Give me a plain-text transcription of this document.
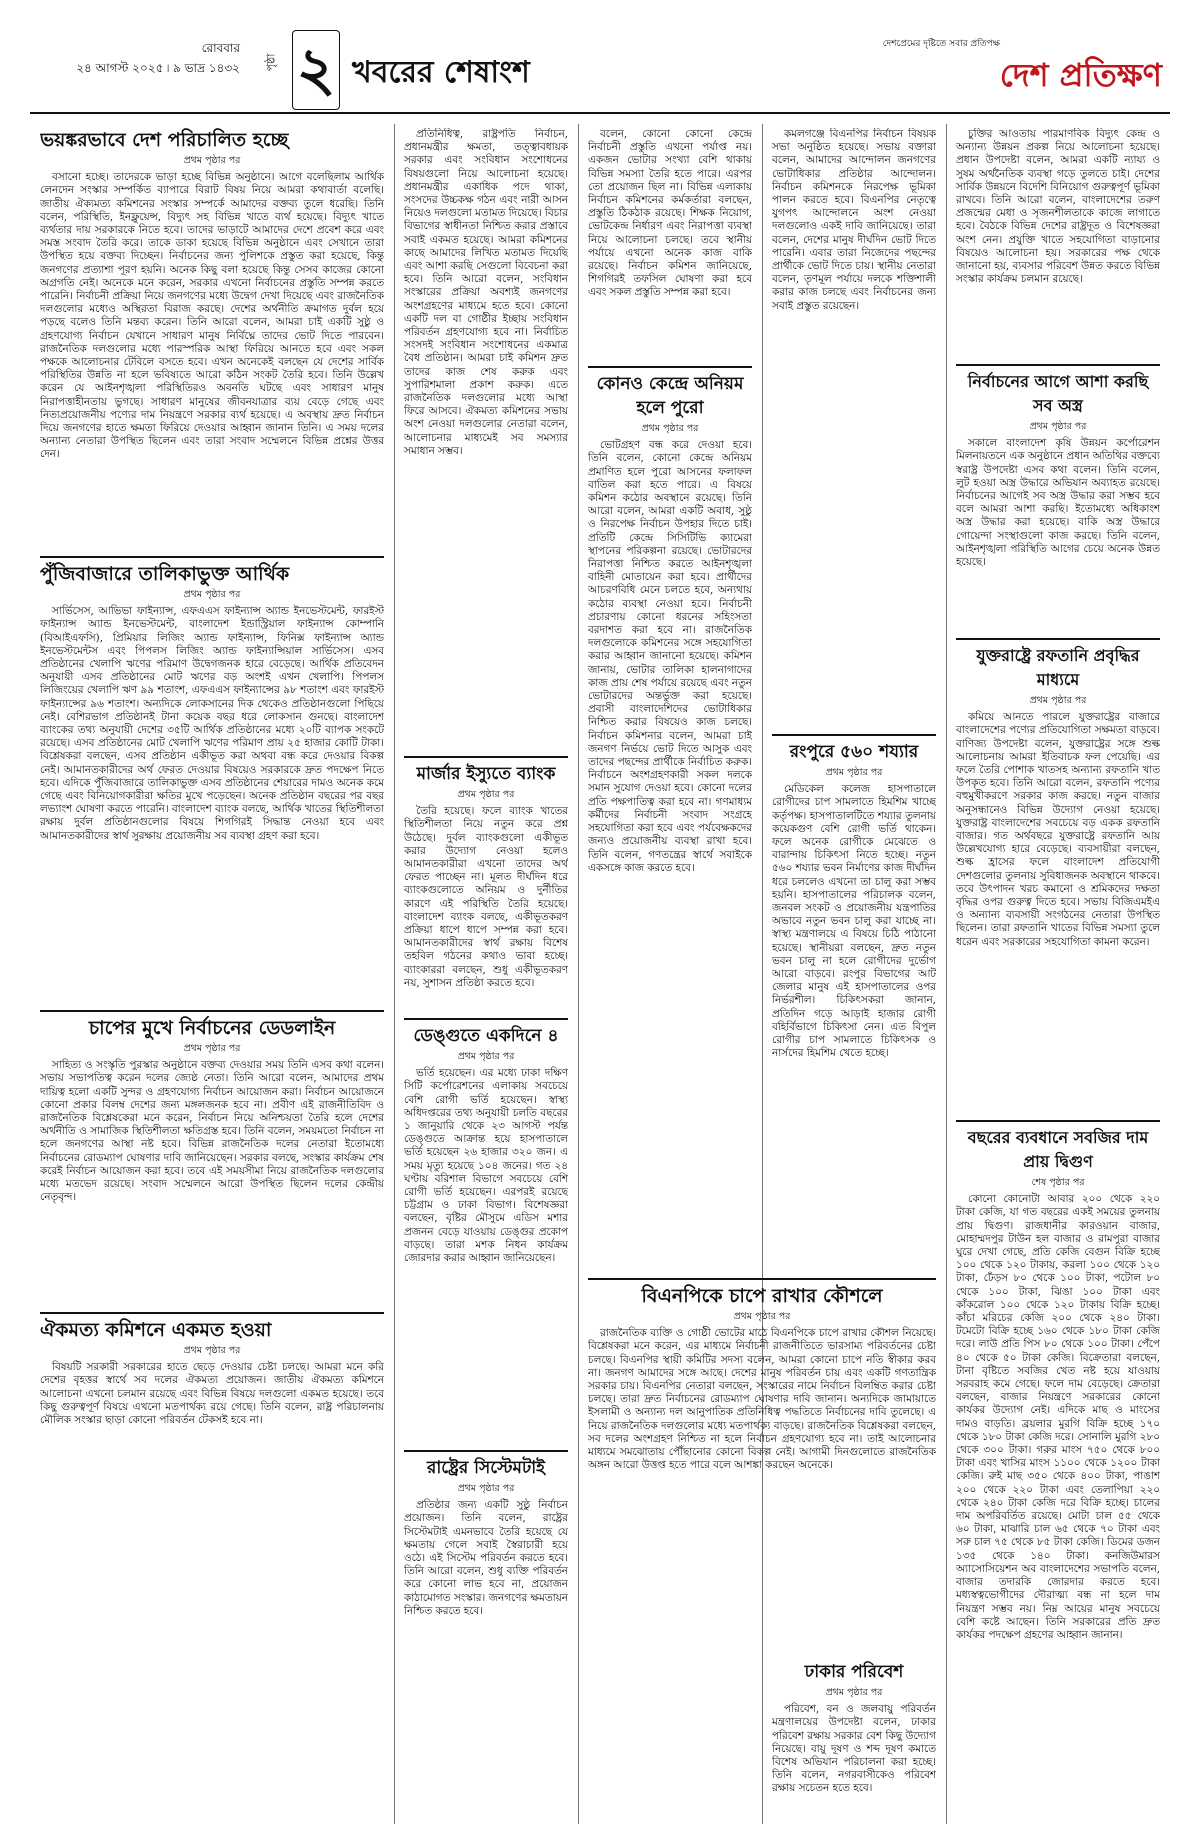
রোববার
২৪ আগস্ট ২০২৫ ৷ ৯ ভাদ্র ১৪৩২ পৃষ্ঠা ২ খবরের শেষাংশ
দেশপ্রেমের দৃষ্টিতে সবার প্রতিপক্ষ
দেশ প্রতিক্ষণ
ভয়ঙ্করভাবে দেশ পরিচালিত হচ্ছে

প্রথম পৃষ্ঠার পর

বসানো হচ্ছে। তাদেরকে ভাড়া হচ্ছে বিভিন্ন অনুষ্ঠানে। আগে বলেছিলাম আর্থিক লেনদেন সংস্কার সম্পর্কিত ব্যাপারে বিরাট বিষয় নিয়ে আমরা কথাবার্তা বলেছি। জাতীয় ঐক্যমত্য কমিশনের সংস্কার সম্পর্কে আমাদের বক্তব্য তুলে ধরেছি। তিনি বলেন, পরিস্থিতি, ইনফ্লুয়েন্স, বিদ্যুৎ সহ বিভিন্ন খাতে ব্যর্থ হয়েছে। বিদ্যুৎ খাতে ব্যর্থতার দায় সরকারকে নিতে হবে। তাদের ভাড়াটে আমাদের দেশে প্রবেশ করে এবং সমস্ত সংবাদ তৈরি করে। তাকে ডাকা হয়েছে বিভিন্ন অনুষ্ঠানে এবং সেখানে তারা উপস্থিত হয়ে বক্তব্য দিচ্ছেন। নির্বাচনের জন্য পুলিশকে প্রস্তুত করা হয়েছে, কিন্তু জনগণের প্রত্যাশা পূরণ হয়নি। অনেক কিছু বলা হয়েছে কিন্তু সেসব কাজের কোনো অগ্রগতি নেই। অনেকে মনে করেন, সরকার এখনো নির্বাচনের প্রস্তুতি সম্পন্ন করতে পারেনি। নির্বাচনী প্রক্রিয়া নিয়ে জনগণের মধ্যে উদ্বেগ দেখা দিয়েছে এবং রাজনৈতিক দলগুলোর মধ্যেও অস্থিরতা বিরাজ করছে। দেশের অর্থনীতি ক্রমাগত দুর্বল হয়ে পড়ছে বলেও তিনি মন্তব্য করেন। তিনি আরো বলেন, আমরা চাই একটি সুষ্ঠু ও গ্রহণযোগ্য নির্বাচন যেখানে সাধারণ মানুষ নির্বিঘ্নে তাদের ভোট দিতে পারবেন। রাজনৈতিক দলগুলোর মধ্যে পারস্পরিক আস্থা ফিরিয়ে আনতে হবে এবং সকল পক্ষকে আলোচনার টেবিলে বসতে হবে। এখন অনেকেই বলছেন যে দেশের সার্বিক পরিস্থিতির উন্নতি না হলে ভবিষ্যতে আরো কঠিন সংকট তৈরি হবে। তিনি উল্লেখ করেন যে আইনশৃঙ্খলা পরিস্থিতিরও অবনতি ঘটছে এবং সাধারণ মানুষ নিরাপত্তাহীনতায় ভুগছে। সাধারণ মানুষের জীবনযাত্রার ব্যয় বেড়ে গেছে এবং নিত্যপ্রয়োজনীয় পণ্যের দাম নিয়ন্ত্রণে সরকার ব্যর্থ হয়েছে। এ অবস্থায় দ্রুত নির্বাচন দিয়ে জনগণের হাতে ক্ষমতা ফিরিয়ে দেওয়ার আহ্বান জানান তিনি। এ সময় দলের অন্যান্য নেতারা উপস্থিত ছিলেন এবং তারা সংবাদ সম্মেলনে বিভিন্ন প্রশ্নের উত্তর দেন।

পুঁজিবাজারে তালিকাভুক্ত আর্থিক

প্রথম পৃষ্ঠার পর

সার্ভিসেস, আভিভা ফাইন্যান্স, এফএএস ফাইন্যান্স অ্যান্ড ইনভেস্টমেন্ট, ফারইস্ট ফাইন্যান্স অ্যান্ড ইনভেস্টমেন্ট, বাংলাদেশ ইন্ডাস্ট্রিয়াল ফাইন্যান্স কোম্পানি (বিআইএফসি), প্রিমিয়ার লিজিং অ্যান্ড ফাইন্যান্স, ফিনিক্স ফাইন্যান্স অ্যান্ড ইনভেস্টমেন্টস এবং পিপলস লিজিং অ্যান্ড ফাইন্যান্সিয়াল সার্ভিসেস। এসব প্রতিষ্ঠানের খেলাপি ঋণের পরিমাণ উদ্বেগজনক হারে বেড়েছে। আর্থিক প্রতিবেদন অনুযায়ী এসব প্রতিষ্ঠানের মোট ঋণের বড় অংশই এখন খেলাপি। পিপলস লিজিংয়ের খেলাপি ঋণ ৯৯ শতাংশ, এফএএস ফাইন্যান্সের ৯৮ শতাংশ এবং ফারইস্ট ফাইন্যান্সের ৯৬ শতাংশ। অন্যদিকে লোকসানের দিক থেকেও প্রতিষ্ঠানগুলো পিছিয়ে নেই। বেশিরভাগ প্রতিষ্ঠানই টানা কয়েক বছর ধরে লোকসান গুনছে। বাংলাদেশ ব্যাংকের তথ্য অনুযায়ী দেশের ৩৫টি আর্থিক প্রতিষ্ঠানের মধ্যে ২০টি ব্যাপক সংকটে রয়েছে। এসব প্রতিষ্ঠানের মোট খেলাপি ঋণের পরিমাণ প্রায় ২৫ হাজার কোটি টাকা। বিশ্লেষকরা বলছেন, এসব প্রতিষ্ঠান একীভূত করা অথবা বন্ধ করে দেওয়ার বিকল্প নেই। আমানতকারীদের অর্থ ফেরত দেওয়ার বিষয়েও সরকারকে দ্রুত পদক্ষেপ নিতে হবে। এদিকে পুঁজিবাজারে তালিকাভুক্ত এসব প্রতিষ্ঠানের শেয়ারের দামও অনেক কমে গেছে এবং বিনিয়োগকারীরা ক্ষতির মুখে পড়েছেন। অনেক প্রতিষ্ঠান বছরের পর বছর লভ্যাংশ ঘোষণা করতে পারেনি। বাংলাদেশ ব্যাংক বলছে, আর্থিক খাতের স্থিতিশীলতা রক্ষায় দুর্বল প্রতিষ্ঠানগুলোর বিষয়ে শিগগিরই সিদ্ধান্ত নেওয়া হবে এবং আমানতকারীদের স্বার্থ সুরক্ষায় প্রয়োজনীয় সব ব্যবস্থা গ্রহণ করা হবে।

চাপের মুখে নির্বাচনের ডেডলাইন

প্রথম পৃষ্ঠার পর

সাহিত্য ও সংস্কৃতি পুরস্কার অনুষ্ঠানে বক্তব্য দেওয়ার সময় তিনি এসব কথা বলেন। সভায় সভাপতিত্ব করেন দলের জ্যেষ্ঠ নেতা। তিনি আরো বলেন, আমাদের প্রথম দায়িত্ব হলো একটি সুন্দর ও গ্রহণযোগ্য নির্বাচন আয়োজন করা। নির্বাচন আয়োজনে কোনো প্রকার বিলম্ব দেশের জন্য মঙ্গলজনক হবে না। প্রবীণ এই রাজনীতিবিদ ও রাজনৈতিক বিশ্লেষকেরা মনে করেন, নির্বাচন নিয়ে অনিশ্চয়তা তৈরি হলে দেশের অর্থনীতি ও সামাজিক স্থিতিশীলতা ক্ষতিগ্রস্ত হবে। তিনি বলেন, সময়মতো নির্বাচন না হলে জনগণের আস্থা নষ্ট হবে। বিভিন্ন রাজনৈতিক দলের নেতারা ইতোমধ্যে নির্বাচনের রোডম্যাপ ঘোষণার দাবি জানিয়েছেন। সরকার বলছে, সংস্কার কার্যক্রম শেষ করেই নির্বাচন আয়োজন করা হবে। তবে এই সময়সীমা নিয়ে রাজনৈতিক দলগুলোর মধ্যে মতভেদ রয়েছে। সংবাদ সম্মেলনে আরো উপস্থিত ছিলেন দলের কেন্দ্রীয় নেতৃবৃন্দ।

ঐকমত্য কমিশনে একমত হওয়া

প্রথম পৃষ্ঠার পর

বিষয়টি সরকারী সরকারের হাতে ছেড়ে দেওয়ার চেষ্টা চলছে। আমরা মনে করি দেশের বৃহত্তর স্বার্থে সব দলের ঐকমত্য প্রয়োজন। জাতীয় ঐকমত্য কমিশনে আলোচনা এখনো চলমান রয়েছে এবং বিভিন্ন বিষয়ে দলগুলো একমত হয়েছে। তবে কিছু গুরুত্বপূর্ণ বিষয়ে এখনো মতপার্থক্য রয়ে গেছে। তিনি বলেন, রাষ্ট্র পরিচালনায় মৌলিক সংস্কার ছাড়া কোনো পরিবর্তন টেকসই হবে না।

প্রতিনিধিত্ব, রাষ্ট্রপতি নির্বাচন, প্রধানমন্ত্রীর ক্ষমতা, তত্ত্বাবধায়ক সরকার এবং সংবিধান সংশোধনের বিষয়গুলো নিয়ে আলোচনা হয়েছে। প্রধানমন্ত্রীর একাধিক পদে থাকা, সংসদের উচ্চকক্ষ গঠন এবং নারী আসন নিয়েও দলগুলো মতামত দিয়েছে। বিচার বিভাগের স্বাধীনতা নিশ্চিত করার প্রস্তাবে সবাই একমত হয়েছে। আমরা কমিশনের কাছে আমাদের লিখিত মতামত দিয়েছি এবং আশা করছি সেগুলো বিবেচনা করা হবে। তিনি আরো বলেন, সংবিধান সংস্কারের প্রক্রিয়া অবশ্যই জনগণের অংশগ্রহণের মাধ্যমে হতে হবে। কোনো একটি দল বা গোষ্ঠীর ইচ্ছায় সংবিধান পরিবর্তন গ্রহণযোগ্য হবে না। নির্বাচিত সংসদই সংবিধান সংশোধনের একমাত্র বৈধ প্রতিষ্ঠান। আমরা চাই কমিশন দ্রুত তাদের কাজ শেষ করুক এবং সুপারিশমালা প্রকাশ করুক। এতে রাজনৈতিক দলগুলোর মধ্যে আস্থা ফিরে আসবে। ঐকমত্য কমিশনের সভায় অংশ নেওয়া দলগুলোর নেতারা বলেন, আলোচনার মাধ্যমেই সব সমস্যার সমাধান সম্ভব।

মার্জার ইস্যুতে ব্যাংক

প্রথম পৃষ্ঠার পর

তৈরি হয়েছে। ফলে ব্যাংক খাতের স্থিতিশীলতা নিয়ে নতুন করে প্রশ্ন উঠেছে। দুর্বল ব্যাংকগুলো একীভূত করার উদ্যোগ নেওয়া হলেও আমানতকারীরা এখনো তাদের অর্থ ফেরত পাচ্ছেন না। মূলত দীর্ঘদিন ধরে ব্যাংকগুলোতে অনিয়ম ও দুর্নীতির কারণে এই পরিস্থিতি তৈরি হয়েছে। বাংলাদেশ ব্যাংক বলছে, একীভূতকরণ প্রক্রিয়া ধাপে ধাপে সম্পন্ন করা হবে। আমানতকারীদের স্বার্থ রক্ষায় বিশেষ তহবিল গঠনের কথাও ভাবা হচ্ছে। ব্যাংকাররা বলছেন, শুধু একীভূতকরণ নয়, সুশাসন প্রতিষ্ঠা করতে হবে।

ডেঙ্গুতে একদিনে ৪

প্রথম পৃষ্ঠার পর

ভর্তি হয়েছেন। এর মধ্যে ঢাকা দক্ষিণ সিটি কর্পোরেশনের এলাকায় সবচেয়ে বেশি রোগী ভর্তি হয়েছেন। স্বাস্থ্য অধিদপ্তরের তথ্য অনুযায়ী চলতি বছরের ১ জানুয়ারি থেকে ২৩ আগস্ট পর্যন্ত ডেঙ্গুতে আক্রান্ত হয়ে হাসপাতালে ভর্তি হয়েছেন ২৬ হাজার ৩২০ জন। এ সময় মৃত্যু হয়েছে ১০৪ জনের। গত ২৪ ঘণ্টায় বরিশাল বিভাগে সবচেয়ে বেশি রোগী ভর্তি হয়েছেন। এরপরই রয়েছে চট্টগ্রাম ও ঢাকা বিভাগ। বিশেষজ্ঞরা বলছেন, বৃষ্টির মৌসুমে এডিস মশার প্রজনন বেড়ে যাওয়ায় ডেঙ্গুর প্রকোপ বাড়ছে। তারা মশক নিধন কার্যক্রম জোরদার করার আহ্বান জানিয়েছেন।

রাষ্ট্রের সিস্টেমটাই

প্রথম পৃষ্ঠার পর

প্রতিষ্ঠার জন্য একটি সুষ্ঠু নির্বাচন প্রয়োজন। তিনি বলেন, রাষ্ট্রের সিস্টেমটাই এমনভাবে তৈরি হয়েছে যে ক্ষমতায় গেলে সবাই স্বৈরাচারী হয়ে ওঠে। এই সিস্টেম পরিবর্তন করতে হবে। তিনি আরো বলেন, শুধু ব্যক্তি পরিবর্তন করে কোনো লাভ হবে না, প্রয়োজন কাঠামোগত সংস্কার। জনগণের ক্ষমতায়ন নিশ্চিত করতে হবে।

বলেন, কোনো কোনো কেন্দ্রে নির্বাচনী প্রস্তুতি এখনো পর্যাপ্ত নয়। একজন ভোটার সংখ্যা বেশি থাকায় বিভিন্ন সমস্যা তৈরি হতে পারে। এরপর তো প্রয়োজন ছিল না। বিভিন্ন এলাকায় নির্বাচন কমিশনের কর্মকর্তারা বলছেন, প্রস্তুতি ঠিকঠাক রয়েছে। শিক্ষক নিয়োগ, ভোটকেন্দ্র নির্ধারণ এবং নিরাপত্তা ব্যবস্থা নিয়ে আলোচনা চলছে। তবে স্থানীয় পর্যায়ে এখনো অনেক কাজ বাকি রয়েছে। নির্বাচন কমিশন জানিয়েছে, শিগগিরই তফসিল ঘোষণা করা হবে এবং সকল প্রস্তুতি সম্পন্ন করা হবে।

কোনও কেন্দ্রে অনিয়ম হলে পুরো

প্রথম পৃষ্ঠার পর

ভোটগ্রহণ বন্ধ করে দেওয়া হবে। তিনি বলেন, কোনো কেন্দ্রে অনিয়ম প্রমাণিত হলে পুরো আসনের ফলাফল বাতিল করা হতে পারে। এ বিষয়ে কমিশন কঠোর অবস্থানে রয়েছে। তিনি আরো বলেন, আমরা একটি অবাধ, সুষ্ঠু ও নিরপেক্ষ নির্বাচন উপহার দিতে চাই। প্রতিটি কেন্দ্রে সিসিটিভি ক্যামেরা স্থাপনের পরিকল্পনা রয়েছে। ভোটারদের নিরাপত্তা নিশ্চিত করতে আইনশৃঙ্খলা বাহিনী মোতায়েন করা হবে। প্রার্থীদের আচরণবিধি মেনে চলতে হবে, অন্যথায় কঠোর ব্যবস্থা নেওয়া হবে। নির্বাচনী প্রচারণায় কোনো ধরনের সহিংসতা বরদাশত করা হবে না। রাজনৈতিক দলগুলোকে কমিশনের সঙ্গে সহযোগিতা করার আহ্বান জানানো হয়েছে। কমিশন জানায়, ভোটার তালিকা হালনাগাদের কাজ প্রায় শেষ পর্যায়ে রয়েছে এবং নতুন ভোটারদের অন্তর্ভুক্ত করা হয়েছে। প্রবাসী বাংলাদেশিদের ভোটাধিকার নিশ্চিত করার বিষয়েও কাজ চলছে। নির্বাচন কমিশনার বলেন, আমরা চাই জনগণ নির্ভয়ে ভোট দিতে আসুক এবং তাদের পছন্দের প্রার্থীকে নির্বাচিত করুক। নির্বাচনে অংশগ্রহণকারী সকল দলকে সমান সুযোগ দেওয়া হবে। কোনো দলের প্রতি পক্ষপাতিত্ব করা হবে না। গণমাধ্যম কর্মীদের নির্বাচনী সংবাদ সংগ্রহে সহযোগিতা করা হবে এবং পর্যবেক্ষকদের জন্যও প্রয়োজনীয় ব্যবস্থা রাখা হবে। তিনি বলেন, গণতন্ত্রের স্বার্থে সবাইকে একসঙ্গে কাজ করতে হবে।

বিএনপিকে চাপে রাখার কৌশলে

প্রথম পৃষ্ঠার পর

রাজনৈতিক ব্যক্তি ও গোষ্ঠী ভোটের মাঠে বিএনপিকে চাপে রাখার কৌশল নিয়েছে। বিশ্লেষকরা মনে করেন, এর মাধ্যমে নির্বাচনী রাজনীতিতে ভারসাম্য পরিবর্তনের চেষ্টা চলছে। বিএনপির স্থায়ী কমিটির সদস্য বলেন, আমরা কোনো চাপে নতি স্বীকার করব না। জনগণ আমাদের সঙ্গে আছে। দেশের মানুষ পরিবর্তন চায় এবং একটি গণতান্ত্রিক সরকার চায়। বিএনপির নেতারা বলছেন, সংস্কারের নামে নির্বাচন বিলম্বিত করার চেষ্টা চলছে। তারা দ্রুত নির্বাচনের রোডম্যাপ ঘোষণার দাবি জানান। অন্যদিকে জামায়াতে ইসলামী ও অন্যান্য দল আনুপাতিক প্রতিনিধিত্ব পদ্ধতিতে নির্বাচনের দাবি তুলেছে। এ নিয়ে রাজনৈতিক দলগুলোর মধ্যে মতপার্থক্য বাড়ছে। রাজনৈতিক বিশ্লেষকরা বলছেন, সব দলের অংশগ্রহণ নিশ্চিত না হলে নির্বাচন গ্রহণযোগ্য হবে না। তাই আলোচনার মাধ্যমে সমঝোতায় পৌঁছানোর কোনো বিকল্প নেই। আগামী দিনগুলোতে রাজনৈতিক অঙ্গন আরো উত্তপ্ত হতে পারে বলে আশঙ্কা করছেন অনেকে।

কমলগঞ্জে বিএনপির নির্বাচন বিষয়ক সভা অনুষ্ঠিত হয়েছে। সভায় বক্তারা বলেন, আমাদের আন্দোলন জনগণের ভোটাধিকার প্রতিষ্ঠার আন্দোলন। নির্বাচন কমিশনকে নিরপেক্ষ ভূমিকা পালন করতে হবে। বিএনপির নেতৃত্বে যুগপৎ আন্দোলনে অংশ নেওয়া দলগুলোও একই দাবি জানিয়েছে। তারা বলেন, দেশের মানুষ দীর্ঘদিন ভোট দিতে পারেনি। এবার তারা নিজেদের পছন্দের প্রার্থীকে ভোট দিতে চায়। স্থানীয় নেতারা বলেন, তৃণমূল পর্যায়ে দলকে শক্তিশালী করার কাজ চলছে এবং নির্বাচনের জন্য সবাই প্রস্তুত রয়েছেন।

রংপুরে ৫৬০ শয্যার

প্রথম পৃষ্ঠার পর

মেডিকেল কলেজ হাসপাতালে রোগীদের চাপ সামলাতে হিমশিম খাচ্ছে কর্তৃপক্ষ। হাসপাতালটিতে শয্যার তুলনায় কয়েকগুণ বেশি রোগী ভর্তি থাকেন। ফলে অনেক রোগীকে মেঝেতে ও বারান্দায় চিকিৎসা নিতে হচ্ছে। নতুন ৫৬০ শয্যার ভবন নির্মাণের কাজ দীর্ঘদিন ধরে চললেও এখনো তা চালু করা সম্ভব হয়নি। হাসপাতালের পরিচালক বলেন, জনবল সংকট ও প্রয়োজনীয় যন্ত্রপাতির অভাবে নতুন ভবন চালু করা যাচ্ছে না। স্বাস্থ্য মন্ত্রণালয়ে এ বিষয়ে চিঠি পাঠানো হয়েছে। স্থানীয়রা বলছেন, দ্রুত নতুন ভবন চালু না হলে রোগীদের দুর্ভোগ আরো বাড়বে। রংপুর বিভাগের আট জেলার মানুষ এই হাসপাতালের ওপর নির্ভরশীল। চিকিৎসকরা জানান, প্রতিদিন গড়ে আড়াই হাজার রোগী বহির্বিভাগে চিকিৎসা নেন। এত বিপুল রোগীর চাপ সামলাতে চিকিৎসক ও নার্সদের হিমশিম খেতে হচ্ছে।

ঢাকার পরিবেশ

প্রথম পৃষ্ঠার পর

পরিবেশ, বন ও জলবায়ু পরিবর্তন মন্ত্রণালয়ের উপদেষ্টা বলেন, ঢাকার পরিবেশ রক্ষায় সরকার বেশ কিছু উদ্যোগ নিয়েছে। বায়ু দূষণ ও শব্দ দূষণ কমাতে বিশেষ অভিযান পরিচালনা করা হচ্ছে। তিনি বলেন, নগরবাসীকেও পরিবেশ রক্ষায় সচেতন হতে হবে।

চুক্তির আওতায় পারমাণবিক বিদ্যুৎ কেন্দ্র ও অন্যান্য উন্নয়ন প্রকল্প নিয়ে আলোচনা হয়েছে। প্রধান উপদেষ্টা বলেন, আমরা একটি ন্যায্য ও সুষম অর্থনৈতিক ব্যবস্থা গড়ে তুলতে চাই। দেশের সার্বিক উন্নয়নে বিদেশি বিনিয়োগ গুরুত্বপূর্ণ ভূমিকা রাখবে। তিনি আরো বলেন, বাংলাদেশের তরুণ প্রজন্মের মেধা ও সৃজনশীলতাকে কাজে লাগাতে হবে। বৈঠকে বিভিন্ন দেশের রাষ্ট্রদূত ও বিশেষজ্ঞরা অংশ নেন। প্রযুক্তি খাতে সহযোগিতা বাড়ানোর বিষয়েও আলোচনা হয়। সরকারের পক্ষ থেকে জানানো হয়, ব্যবসার পরিবেশ উন্নত করতে বিভিন্ন সংস্কার কার্যক্রম চলমান রয়েছে।

নির্বাচনের আগে আশা করছি সব অস্ত্র

প্রথম পৃষ্ঠার পর

সকালে বাংলাদেশ কৃষি উন্নয়ন কর্পোরেশন মিলনায়তনে এক অনুষ্ঠানে প্রধান অতিথির বক্তব্যে স্বরাষ্ট্র উপদেষ্টা এসব কথা বলেন। তিনি বলেন, লুট হওয়া অস্ত্র উদ্ধারে অভিযান অব্যাহত রয়েছে। নির্বাচনের আগেই সব অস্ত্র উদ্ধার করা সম্ভব হবে বলে আমরা আশা করছি। ইতোমধ্যে অধিকাংশ অস্ত্র উদ্ধার করা হয়েছে। বাকি অস্ত্র উদ্ধারে গোয়েন্দা সংস্থাগুলো কাজ করছে। তিনি বলেন, আইনশৃঙ্খলা পরিস্থিতি আগের চেয়ে অনেক উন্নত হয়েছে।

যুক্তরাষ্ট্রে রফতানি প্রবৃদ্ধির মাধ্যমে

প্রথম পৃষ্ঠার পর

কমিয়ে আনতে পারলে যুক্তরাষ্ট্রের বাজারে বাংলাদেশের পণ্যের প্রতিযোগিতা সক্ষমতা বাড়বে। বাণিজ্য উপদেষ্টা বলেন, যুক্তরাষ্ট্রের সঙ্গে শুল্ক আলোচনায় আমরা ইতিবাচক ফল পেয়েছি। এর ফলে তৈরি পোশাক খাতসহ অন্যান্য রফতানি খাত উপকৃত হবে। তিনি আরো বলেন, রফতানি পণ্যের বহুমুখীকরণে সরকার কাজ করছে। নতুন বাজার অনুসন্ধানেও বিভিন্ন উদ্যোগ নেওয়া হয়েছে। যুক্তরাষ্ট্র বাংলাদেশের সবচেয়ে বড় একক রফতানি বাজার। গত অর্থবছরে যুক্তরাষ্ট্রে রফতানি আয় উল্লেখযোগ্য হারে বেড়েছে। ব্যবসায়ীরা বলছেন, শুল্ক হ্রাসের ফলে বাংলাদেশ প্রতিযোগী দেশগুলোর তুলনায় সুবিধাজনক অবস্থানে থাকবে। তবে উৎপাদন খরচ কমানো ও শ্রমিকদের দক্ষতা বৃদ্ধির ওপর গুরুত্ব দিতে হবে। সভায় বিজিএমইএ ও অন্যান্য ব্যবসায়ী সংগঠনের নেতারা উপস্থিত ছিলেন। তারা রফতানি খাতের বিভিন্ন সমস্যা তুলে ধরেন এবং সরকারের সহযোগিতা কামনা করেন।

বছরের ব্যবধানে সবজির দাম প্রায় দ্বিগুণ

শেষ পৃষ্ঠার পর

কোনো কোনোটা আবার ২০০ থেকে ২২০ টাকা কেজি, যা গত বছরের একই সময়ের তুলনায় প্রায় দ্বিগুণ। রাজধানীর কারওয়ান বাজার, মোহাম্মদপুর টাউন হল বাজার ও রামপুরা বাজার ঘুরে দেখা গেছে, প্রতি কেজি বেগুন বিক্রি হচ্ছে ১০০ থেকে ১২০ টাকায়, করলা ১০০ থেকে ১২০ টাকা, ঢেঁড়স ৮০ থেকে ১০০ টাকা, পটোল ৮০ থেকে ১০০ টাকা, ঝিঙা ১০০ টাকা এবং কাঁকরোল ১০০ থেকে ১২০ টাকায় বিক্রি হচ্ছে। কাঁচা মরিচের কেজি ২০০ থেকে ২৪০ টাকা। টমেটো বিক্রি হচ্ছে ১৬০ থেকে ১৮০ টাকা কেজি দরে। লাউ প্রতি পিস ৮০ থেকে ১০০ টাকা। পেঁপে ৪০ থেকে ৫০ টাকা কেজি। বিক্রেতারা বলছেন, টানা বৃষ্টিতে সবজির খেত নষ্ট হয়ে যাওয়ায় সরবরাহ কমে গেছে। ফলে দাম বেড়েছে। ক্রেতারা বলছেন, বাজার নিয়ন্ত্রণে সরকারের কোনো কার্যকর উদ্যোগ নেই। এদিকে মাছ ও মাংসের দামও বাড়তি। ব্রয়লার মুরগি বিক্রি হচ্ছে ১৭০ থেকে ১৮০ টাকা কেজি দরে। সোনালি মুরগি ২৮০ থেকে ৩০০ টাকা। গরুর মাংস ৭৫০ থেকে ৮০০ টাকা এবং খাসির মাংস ১১০০ থেকে ১২০০ টাকা কেজি। রুই মাছ ৩৫০ থেকে ৪০০ টাকা, পাঙাশ ২০০ থেকে ২২০ টাকা এবং তেলাপিয়া ২২০ থেকে ২৪০ টাকা কেজি দরে বিক্রি হচ্ছে। চালের দাম অপরিবর্তিত রয়েছে। মোটা চাল ৫৫ থেকে ৬০ টাকা, মাঝারি চাল ৬৫ থেকে ৭০ টাকা এবং সরু চাল ৭৫ থেকে ৮৫ টাকা কেজি। ডিমের ডজন ১৩৫ থেকে ১৪০ টাকা। কনজিউমারস অ্যাসোসিয়েশন অব বাংলাদেশের সভাপতি বলেন, বাজার তদারকি জোরদার করতে হবে। মধ্যস্বত্বভোগীদের দৌরাত্ম্য বন্ধ না হলে দাম নিয়ন্ত্রণ সম্ভব নয়। নিম্ন আয়ের মানুষ সবচেয়ে বেশি কষ্টে আছেন। তিনি সরকারের প্রতি দ্রুত কার্যকর পদক্ষেপ গ্রহণের আহ্বান জানান।
